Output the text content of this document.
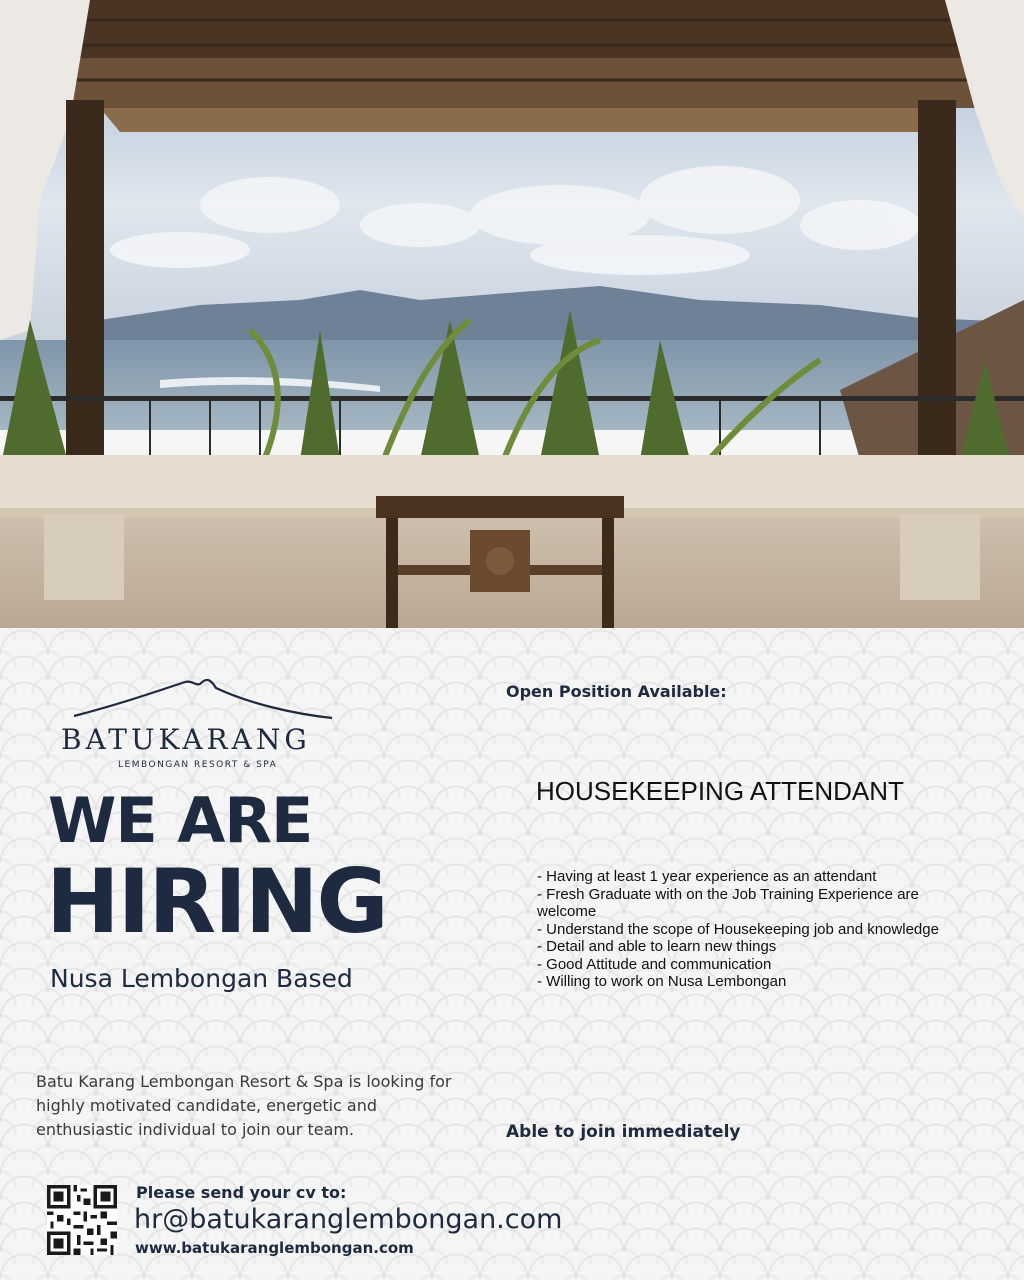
BATUKARANG
LEMBONGAN RESORT & SPA
WE ARE
HIRING
Nusa Lembongan Based
Batu Karang Lembongan Resort & Spa is looking for highly motivated candidate, energetic and enthusiastic individual to join our team.
Open Position Available:
HOUSEKEEPING ATTENDANT
- Having at least 1 year experience as an attendant
- Fresh Graduate with on the Job Training Experience are welcome
- Understand the scope of Housekeeping job and knowledge
- Detail and able to learn new things
- Good Attitude and communication
- Willing to work on Nusa Lembongan
Able to join immediately
Please send your cv to:
hr@batukaranglembongan.com
www.batukaranglembongan.com
